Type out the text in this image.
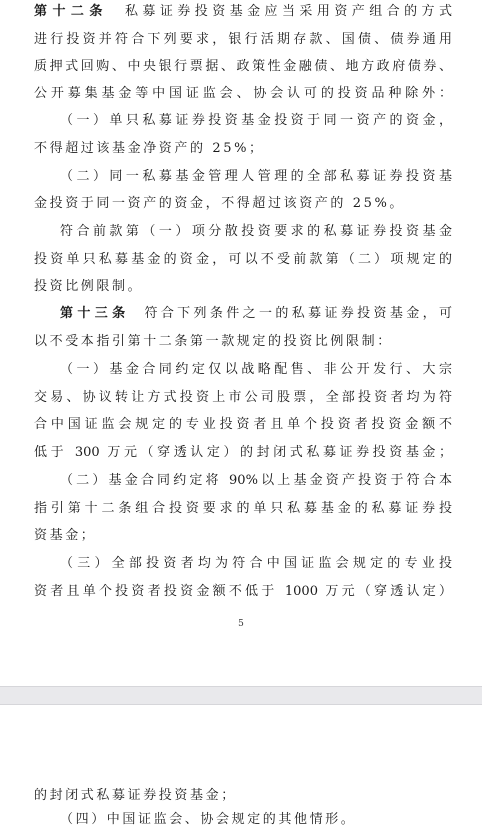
第十二条 私募证券投资基金应当采用资产组合的方式
进行投资并符合下列要求，银行活期存款、国债、债券通用
质押式回购、中央银行票据、政策性金融债、地方政府债券、
公开募集基金等中国证监会、协会认可的投资品种除外：
（一）单只私募证券投资基金投资于同一资产的资金，
不得超过该基金净资产的 25%；
（二）同一私募基金管理人管理的全部私募证券投资基
金投资于同一资产的资金，不得超过该资产的 25%。
符合前款第（一）项分散投资要求的私募证券投资基金
投资单只私募基金的资金，可以不受前款第（二）项规定的
投资比例限制。
第十三条 符合下列条件之一的私募证券投资基金，可
以不受本指引第十二条第一款规定的投资比例限制：
（一）基金合同约定仅以战略配售、非公开发行、大宗
交易、协议转让方式投资上市公司股票，全部投资者均为符
合中国证监会规定的专业投资者且单个投资者投资金额不
低于 300 万元（穿透认定）的封闭式私募证券投资基金；
（二）基金合同约定将 90%以上基金资产投资于符合本
指引第十二条组合投资要求的单只私募基金的私募证券投
资基金；
（三）全部投资者均为符合中国证监会规定的专业投
资者且单个投资者投资金额不低于 1000 万元（穿透认定）
5
的封闭式私募证券投资基金；
（四）中国证监会、协会规定的其他情形。
